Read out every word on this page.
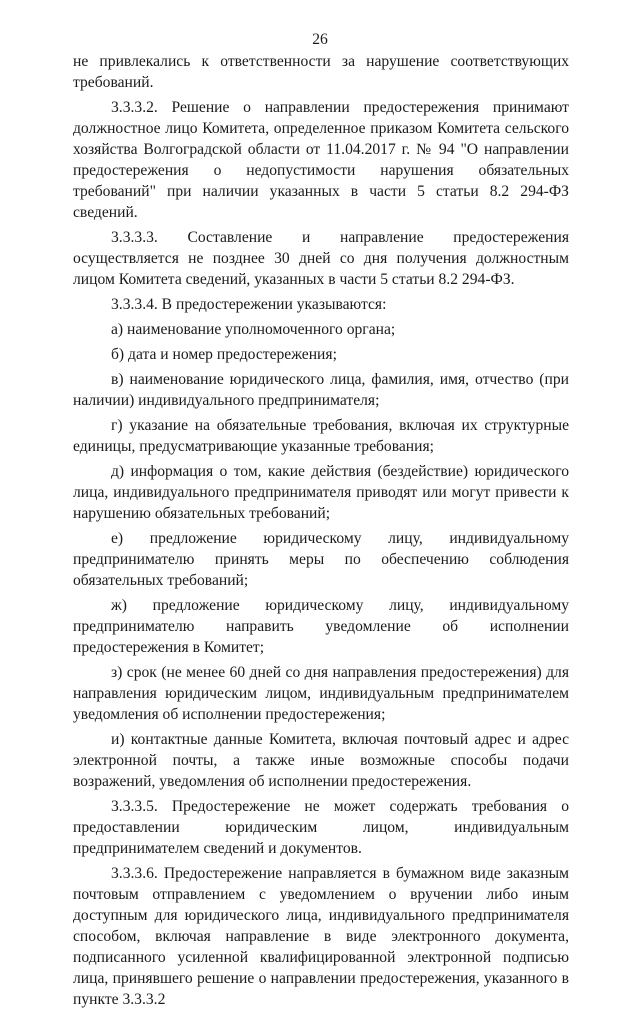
26

не привлекались к ответственности за нарушение соответствующих требований.

3.3.3.2. Решение о направлении предостережения принимают должностное лицо Комитета, определенное приказом Комитета сельского хозяйства Волгоградской области от 11.04.2017 г. № 94 "О направлении предостережения о недопустимости нарушения обязательных требований" при наличии указанных в части 5 статьи 8.2 294-ФЗ сведений.

3.3.3.3. Составление и направление предостережения осуществляется не позднее 30 дней со дня получения должностным лицом Комитета сведений, указанных в части 5 статьи 8.2 294-ФЗ.

3.3.3.4. В предостережении указываются:

а) наименование уполномоченного органа;

б) дата и номер предостережения;

в) наименование юридического лица, фамилия, имя, отчество (при наличии) индивидуального предпринимателя;

г) указание на обязательные требования, включая их структурные единицы, предусматривающие указанные требования;

д) информация о том, какие действия (бездействие) юридического лица, индивидуального предпринимателя приводят или могут привести к нарушению обязательных требований;

е) предложение юридическому лицу, индивидуальному предпринимателю принять меры по обеспечению соблюдения обязательных требований;

ж) предложение юридическому лицу, индивидуальному предпринимателю направить уведомление об исполнении предостережения в Комитет;

з) срок (не менее 60 дней со дня направления предостережения) для направления юридическим лицом, индивидуальным предпринимателем уведомления об исполнении предостережения;

и) контактные данные Комитета, включая почтовый адрес и адрес электронной почты, а также иные возможные способы подачи возражений, уведомления об исполнении предостережения.

3.3.3.5. Предостережение не может содержать требования о предоставлении юридическим лицом, индивидуальным предпринимателем сведений и документов.

3.3.3.6. Предостережение направляется в бумажном виде заказным почтовым отправлением с уведомлением о вручении либо иным доступным для юридического лица, индивидуального предпринимателя способом, включая направление в виде электронного документа, подписанного усиленной квалифицированной электронной подписью лица, принявшего решение о направлении предостережения, указанного в пункте 3.3.3.2
